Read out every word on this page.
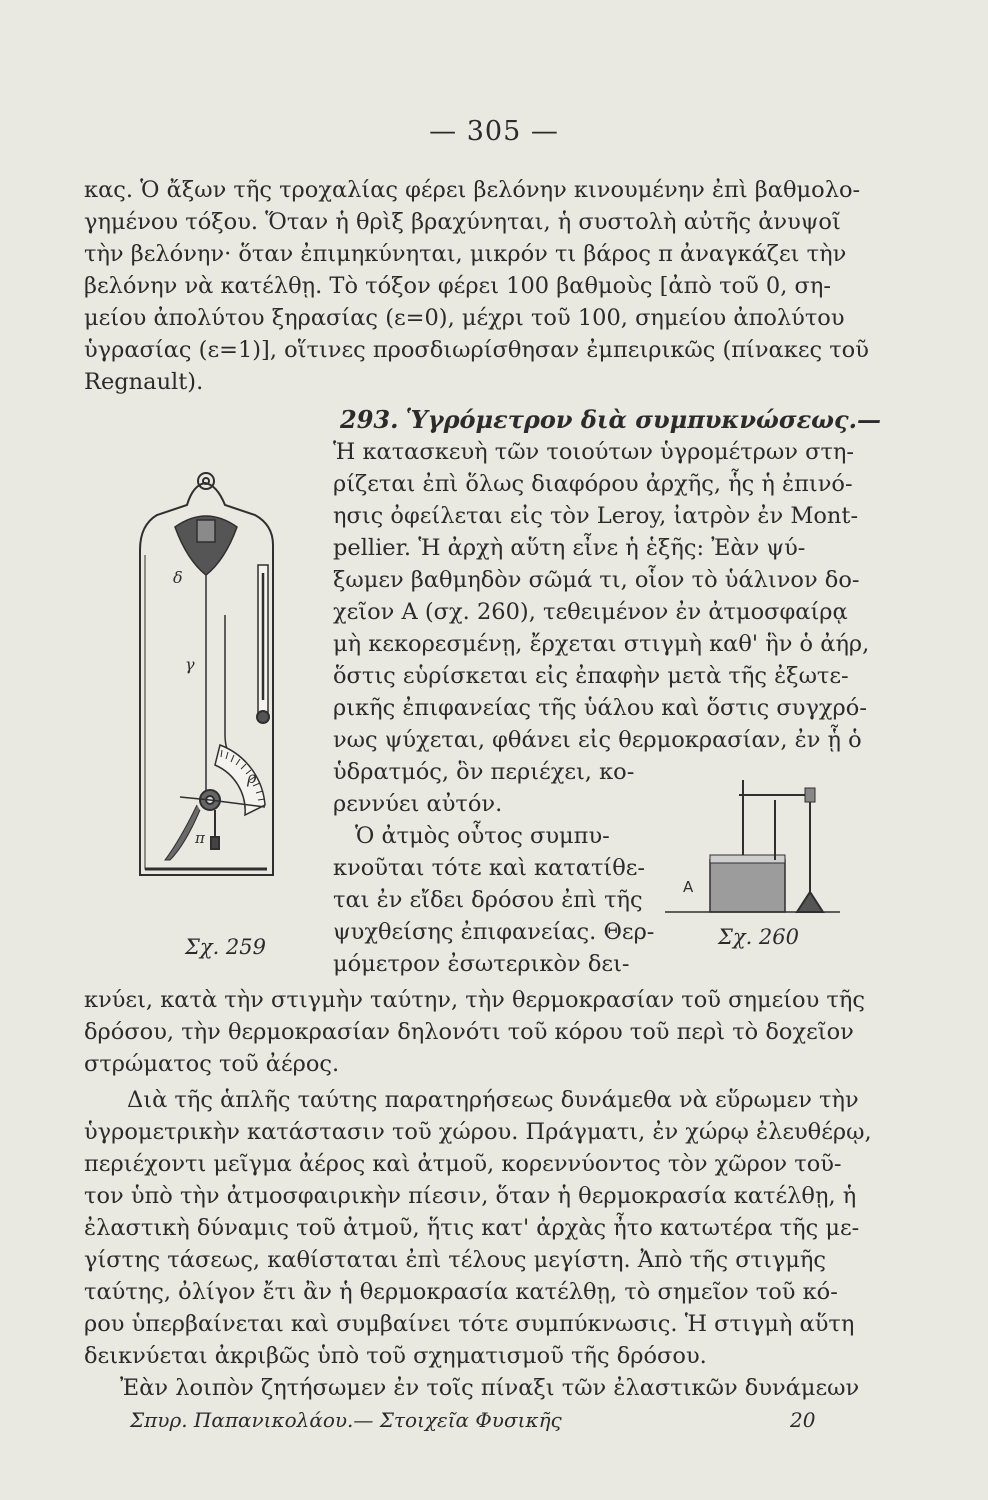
— 305 —
κας. Ὁ ἄξων τῆς τροχαλίας φέρει βελόνην κινουμένην ἐπὶ βαθμολο-
γημένου τόξου. Ὅταν ἡ θρὶξ βραχύνηται, ἡ συστολὴ αὐτῆς ἀνυψοῖ
τὴν βελόνην· ὅταν ἐπιμηκύνηται, μικρόν τι βάρος π ἀναγκάζει τὴν
βελόνην νὰ κατέλθῃ. Τὸ τόξον φέρει 100 βαθμοὺς [ἀπὸ τοῦ 0, ση-
μείου ἀπολύτου ξηρασίας (ε=0), μέχρι τοῦ 100, σημείου ἀπολύτου
ὑγρασίας (ε=1)], οἵτινες προσδιωρίσθησαν ἐμπειρικῶς (πίνακες τοῦ
Regnault).
293. Ὑγρόμετρον διὰ συμπυκνώσεως.—
Ἡ κατασκευὴ τῶν τοιούτων ὑγρομέτρων στη-
ρίζεται ἐπὶ ὅλως διαφόρου ἀρχῆς, ἧς ἡ ἐπινό-
ησις ὀφείλεται εἰς τὸν Leroy, ἰατρὸν ἐν Mont-
pellier. Ἡ ἀρχὴ αὕτη εἶνε ἡ ἑξῆς: Ἐὰν ψύ-
ξωμεν βαθμηδὸν σῶμά τι, οἷον τὸ ὑάλινον δο-
χεῖον Α (σχ. 260), τεθειμένον ἐν ἀτμοσφαίρᾳ
μὴ κεκορεσμένῃ, ἔρχεται στιγμὴ καθ' ἣν ὁ ἀήρ,
ὅστις εὑρίσκεται εἰς ἐπαφὴν μετὰ τῆς ἐξωτε-
ρικῆς ἐπιφανείας τῆς ὑάλου καὶ ὅστις συγχρό-
νως ψύχεται, φθάνει εἰς θερμοκρασίαν, ἐν ᾗ ὁ
ὑδρατμός, ὃν περιέχει, κο-
ρεννύει αὐτόν.
Ὁ ἀτμὸς οὗτος συμπυ-
κνοῦται τότε καὶ κατατίθε-
ται ἐν εἴδει δρόσου ἐπὶ τῆς
ψυχθείσης ἐπιφανείας. Θερ-
μόμετρον ἐσωτερικὸν δει-
κνύει, κατὰ τὴν στιγμὴν ταύτην, τὴν θερμοκρασίαν τοῦ σημείου τῆς
δρόσου, τὴν θερμοκρασίαν δηλονότι τοῦ κόρου τοῦ περὶ τὸ δοχεῖον
στρώματος τοῦ ἀέρος.
Διὰ τῆς ἁπλῆς ταύτης παρατηρήσεως δυνάμεθα νὰ εὕρωμεν τὴν
ὑγρομετρικὴν κατάστασιν τοῦ χώρου. Πράγματι, ἐν χώρῳ ἐλευθέρῳ,
περιέχοντι μεῖγμα ἀέρος καὶ ἀτμοῦ, κορεννύοντος τὸν χῶρον τοῦ-
τον ὑπὸ τὴν ἀτμοσφαιρικὴν πίεσιν, ὅταν ἡ θερμοκρασία κατέλθῃ, ἡ
ἐλαστικὴ δύναμις τοῦ ἀτμοῦ, ἥτις κατ' ἀρχὰς ἦτο κατωτέρα τῆς με-
γίστης τάσεως, καθίσταται ἐπὶ τέλους μεγίστη. Ἀπὸ τῆς στιγμῆς
ταύτης, ὀλίγον ἔτι ἂν ἡ θερμοκρασία κατέλθῃ, τὸ σημεῖον τοῦ κό-
ρου ὑπερβαίνεται καὶ συμβαίνει τότε συμπύκνωσις. Ἡ στιγμὴ αὕτη
δεικνύεται ἀκριβῶς ὑπὸ τοῦ σχηματισμοῦ τῆς δρόσου.
Ἐὰν λοιπὸν ζητήσωμεν ἐν τοῖς πίναξι τῶν ἐλαστικῶν δυνάμεων
δ
γ
ρ
π
Σχ. 259
A
Σχ. 260
Σπυρ. Παπανικολάου.— Στοιχεῖα Φυσικῆς	20
